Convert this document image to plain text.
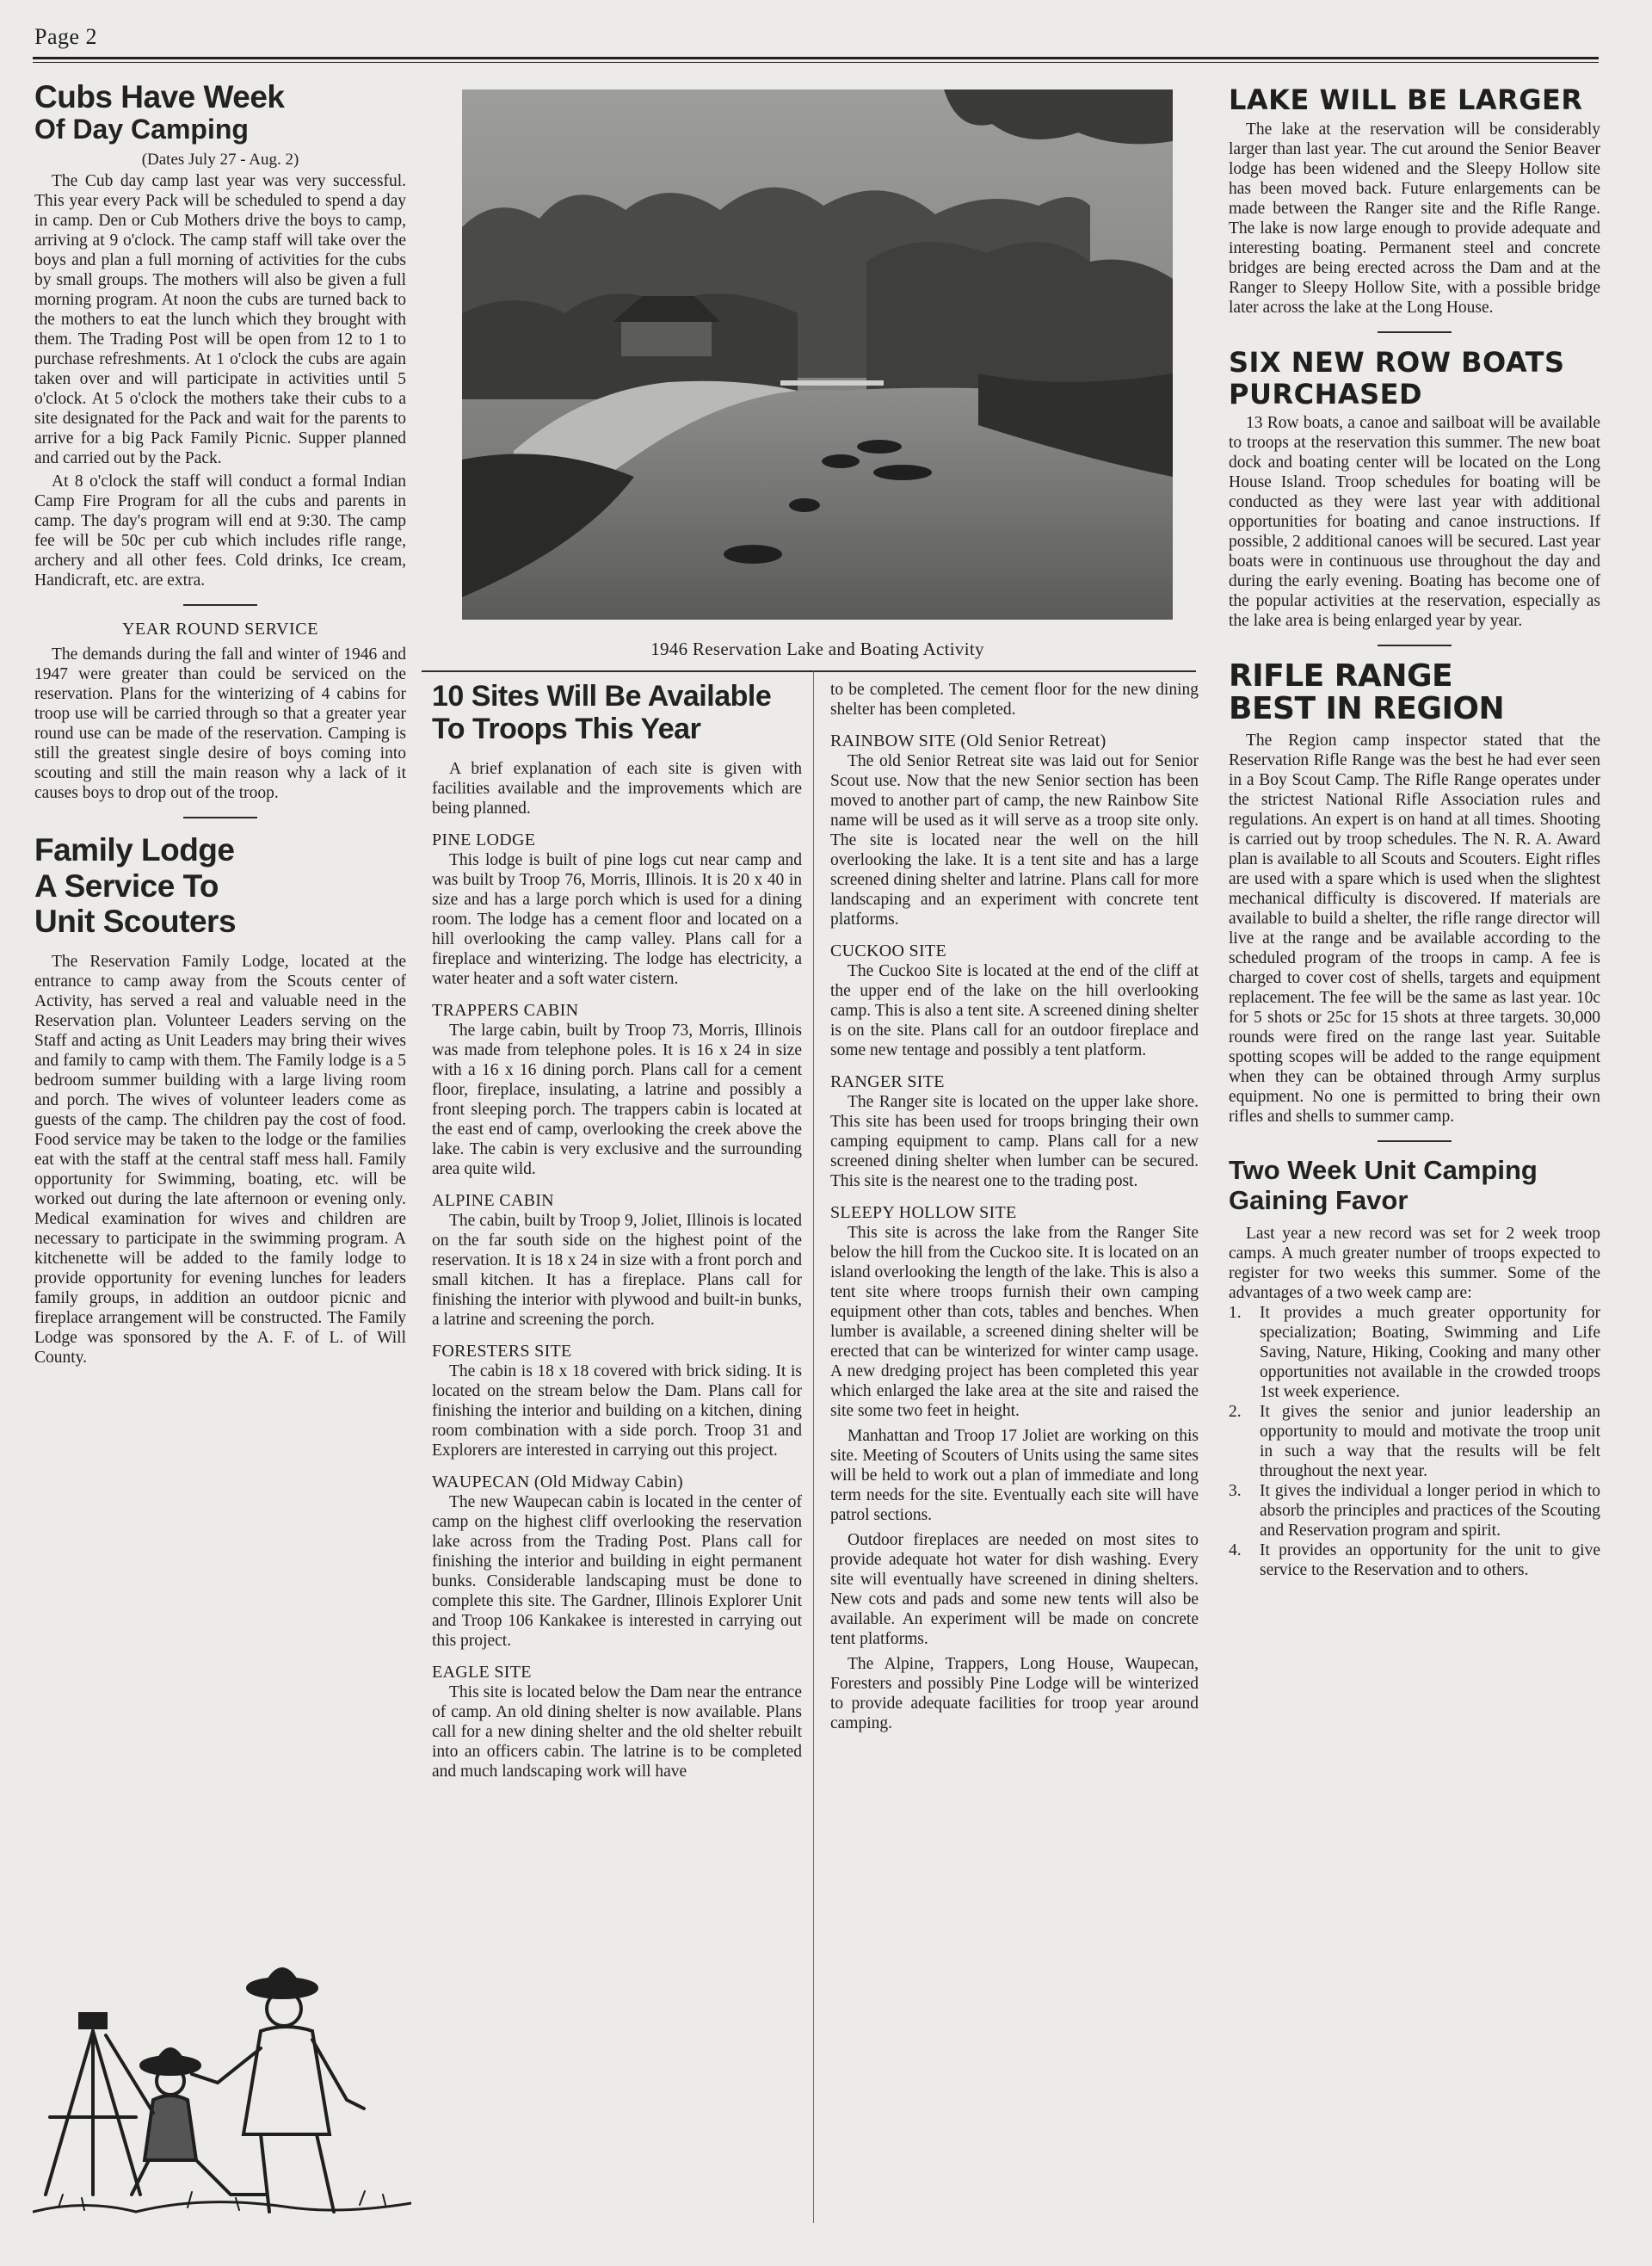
Page 2
Cubs Have Week
Of Day Camping
(Dates July 27 - Aug. 2)

The Cub day camp last year was very successful. This year every Pack will be scheduled to spend a day in camp. Den or Cub Mothers drive the boys to camp, arriving at 9 o'clock. The camp staff will take over the boys and plan a full morning of activities for the cubs by small groups. The mothers will also be given a full morning program. At noon the cubs are turned back to the mothers to eat the lunch which they brought with them. The Trading Post will be open from 12 to 1 to purchase refreshments. At 1 o'clock the cubs are again taken over and will participate in activities until 5 o'clock. At 5 o'clock the mothers take their cubs to a site designated for the Pack and wait for the parents to arrive for a big Pack Family Picnic. Supper planned and carried out by the Pack.

At 8 o'clock the staff will conduct a formal Indian Camp Fire Program for all the cubs and parents in camp. The day's program will end at 9:30. The camp fee will be 50c per cub which includes rifle range, archery and all other fees. Cold drinks, Ice cream, Handicraft, etc. are extra.

YEAR ROUND SERVICE

The demands during the fall and winter of 1946 and 1947 were greater than could be serviced on the reservation. Plans for the winterizing of 4 cabins for troop use will be carried through so that a greater year round use can be made of the reservation. Camping is still the greatest single desire of boys coming into scouting and still the main reason why a lack of it causes boys to drop out of the troop.

Family Lodge
A Service To
Unit Scouters

The Reservation Family Lodge, located at the entrance to camp away from the Scouts center of Activity, has served a real and valuable need in the Reservation plan. Volunteer Leaders serving on the Staff and acting as Unit Leaders may bring their wives and family to camp with them. The Family lodge is a 5 bedroom summer building with a large living room and porch. The wives of volunteer leaders come as guests of the camp. The children pay the cost of food. Food service may be taken to the lodge or the families eat with the staff at the central staff mess hall. Family opportunity for Swimming, boating, etc. will be worked out during the late afternoon or evening only. Medical examination for wives and children are necessary to participate in the swimming program. A kitchenette will be added to the family lodge to provide opportunity for evening lunches for leaders family groups, in addition an outdoor picnic and fireplace arrangement will be constructed. The Family Lodge was sponsored by the A. F. of L. of Will County.

1946 Reservation Lake and Boating Activity
10 Sites Will Be Available
To Troops This Year

A brief explanation of each site is given with facilities available and the improvements which are being planned.

PINE LODGE

This lodge is built of pine logs cut near camp and was built by Troop 76, Morris, Illinois. It is 20 x 40 in size and has a large porch which is used for a dining room. The lodge has a cement floor and located on a hill overlooking the camp valley. Plans call for a fireplace and winterizing. The lodge has electricity, a water heater and a soft water cistern.

TRAPPERS CABIN

The large cabin, built by Troop 73, Morris, Illinois was made from telephone poles. It is 16 x 24 in size with a 16 x 16 dining porch. Plans call for a cement floor, fireplace, insulating, a latrine and possibly a front sleeping porch. The trappers cabin is located at the east end of camp, overlooking the creek above the lake. The cabin is very exclusive and the surrounding area quite wild.

ALPINE CABIN

The cabin, built by Troop 9, Joliet, Illinois is located on the far south side on the highest point of the reservation. It is 18 x 24 in size with a front porch and small kitchen. It has a fireplace. Plans call for finishing the interior with plywood and built-in bunks, a latrine and screening the porch.

FORESTERS SITE

The cabin is 18 x 18 covered with brick siding. It is located on the stream below the Dam. Plans call for finishing the interior and building on a kitchen, dining room combination with a side porch. Troop 31 and Explorers are interested in carrying out this project.

WAUPECAN (Old Midway Cabin)

The new Waupecan cabin is located in the center of camp on the highest cliff overlooking the reservation lake across from the Trading Post. Plans call for finishing the interior and building in eight permanent bunks. Considerable landscaping must be done to complete this site. The Gardner, Illinois Explorer Unit and Troop 106 Kankakee is interested in carrying out this project.

EAGLE SITE

This site is located below the Dam near the entrance of camp. An old dining shelter is now available. Plans call for a new dining shelter and the old shelter rebuilt into an officers cabin. The latrine is to be completed and much landscaping work will have

to be completed. The cement floor for the new dining shelter has been completed.

RAINBOW SITE (Old Senior Retreat)

The old Senior Retreat site was laid out for Senior Scout use. Now that the new Senior section has been moved to another part of camp, the new Rainbow Site name will be used as it will serve as a troop site only. The site is located near the well on the hill overlooking the lake. It is a tent site and has a large screened dining shelter and latrine. Plans call for more landscaping and an experiment with concrete tent platforms.

CUCKOO SITE

The Cuckoo Site is located at the end of the cliff at the upper end of the lake on the hill overlooking camp. This is also a tent site. A screened dining shelter is on the site. Plans call for an outdoor fireplace and some new tentage and possibly a tent platform.

RANGER SITE

The Ranger site is located on the upper lake shore. This site has been used for troops bringing their own camping equipment to camp. Plans call for a new screened dining shelter when lumber can be secured. This site is the nearest one to the trading post.

SLEEPY HOLLOW SITE

This site is across the lake from the Ranger Site below the hill from the Cuckoo site. It is located on an island overlooking the length of the lake. This is also a tent site where troops furnish their own camping equipment other than cots, tables and benches. When lumber is available, a screened dining shelter will be erected that can be winterized for winter camp usage. A new dredging project has been completed this year which enlarged the lake area at the site and raised the site some two feet in height.

Manhattan and Troop 17 Joliet are working on this site. Meeting of Scouters of Units using the same sites will be held to work out a plan of immediate and long term needs for the site. Eventually each site will have patrol sections.

Outdoor fireplaces are needed on most sites to provide adequate hot water for dish washing. Every site will eventually have screened in dining shelters. New cots and pads and some new tents will also be available. An experiment will be made on concrete tent platforms.

The Alpine, Trappers, Long House, Waupecan, Foresters and possibly Pine Lodge will be winterized to provide adequate facilities for troop year around camping.

LAKE WILL BE LARGER

The lake at the reservation will be considerably larger than last year. The cut around the Senior Beaver lodge has been widened and the Sleepy Hollow site has been moved back. Future enlargements can be made between the Ranger site and the Rifle Range. The lake is now large enough to provide adequate and interesting boating. Permanent steel and concrete bridges are being erected across the Dam and at the Ranger to Sleepy Hollow Site, with a possible bridge later across the lake at the Long House.

SIX NEW ROW BOATS
PURCHASED

13 Row boats, a canoe and sailboat will be available to troops at the reservation this summer. The new boat dock and boating center will be located on the Long House Island. Troop schedules for boating will be conducted as they were last year with additional opportunities for boating and canoe instructions. If possible, 2 additional canoes will be secured. Last year boats were in continuous use throughout the day and during the early evening. Boating has become one of the popular activities at the reservation, especially as the lake area is being enlarged year by year.

RIFLE RANGE
BEST IN REGION

The Region camp inspector stated that the Reservation Rifle Range was the best he had ever seen in a Boy Scout Camp. The Rifle Range operates under the strictest National Rifle Association rules and regulations. An expert is on hand at all times. Shooting is carried out by troop schedules. The N. R. A. Award plan is available to all Scouts and Scouters. Eight rifles are used with a spare which is used when the slightest mechanical difficulty is discovered. If materials are available to build a shelter, the rifle range director will live at the range and be available according to the scheduled program of the troops in camp. A fee is charged to cover cost of shells, targets and equipment replacement. The fee will be the same as last year. 10c for 5 shots or 25c for 15 shots at three targets. 30,000 rounds were fired on the range last year. Suitable spotting scopes will be added to the range equipment when they can be obtained through Army surplus equipment. No one is permitted to bring their own rifles and shells to summer camp.

Two Week Unit Camping
Gaining Favor

Last year a new record was set for 2 week troop camps. A much greater number of troops expected to register for two weeks this summer. Some of the advantages of a two week camp are:

1.	It provides a much greater opportunity for specialization; Boating, Swimming and Life Saving, Nature, Hiking, Cooking and many other opportunities not available in the crowded troops 1st week experience.
2.	It gives the senior and junior leadership an opportunity to mould and motivate the troop unit in such a way that the results will be felt throughout the next year.
3.	It gives the individual a longer period in which to absorb the principles and practices of the Scouting and Reservation program and spirit.
4.	It provides an opportunity for the unit to give service to the Reservation and to others.
